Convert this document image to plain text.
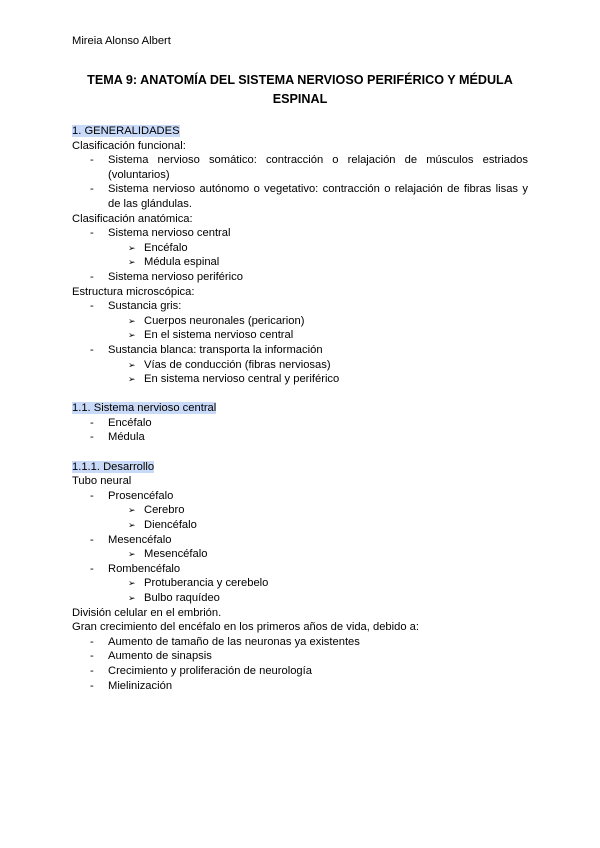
Mireia Alonso Albert
TEMA 9: ANATOMÍA DEL SISTEMA NERVIOSO PERIFÉRICO Y MÉDULA ESPINAL
1. GENERALIDADES
Clasificación funcional:
- Sistema nervioso somático: contracción o relajación de músculos estriados (voluntarios)
- Sistema nervioso autónomo o vegetativo: contracción o relajación de fibras lisas y de las glándulas.
Clasificación anatómica:
- Sistema nervioso central
➢ Encéfalo
➢ Médula espinal
- Sistema nervioso periférico
Estructura microscópica:
- Sustancia gris:
➢ Cuerpos neuronales (pericarion)
➢ En el sistema nervioso central
- Sustancia blanca: transporta la información
➢ Vías de conducción (fibras nerviosas)
➢ En sistema nervioso central y periférico
1.1. Sistema nervioso central
- Encéfalo
- Médula
1.1.1. Desarrollo
Tubo neural
- Prosencéfalo
➢ Cerebro
➢ Diencéfalo
- Mesencéfalo
➢ Mesencéfalo
- Rombencéfalo
➢ Protuberancia y cerebelo
➢ Bulbo raquídeo
División celular en el embrión.
Gran crecimiento del encéfalo en los primeros años de vida, debido a:
- Aumento de tamaño de las neuronas ya existentes
- Aumento de sinapsis
- Crecimiento y proliferación de neurología
- Mielinización
